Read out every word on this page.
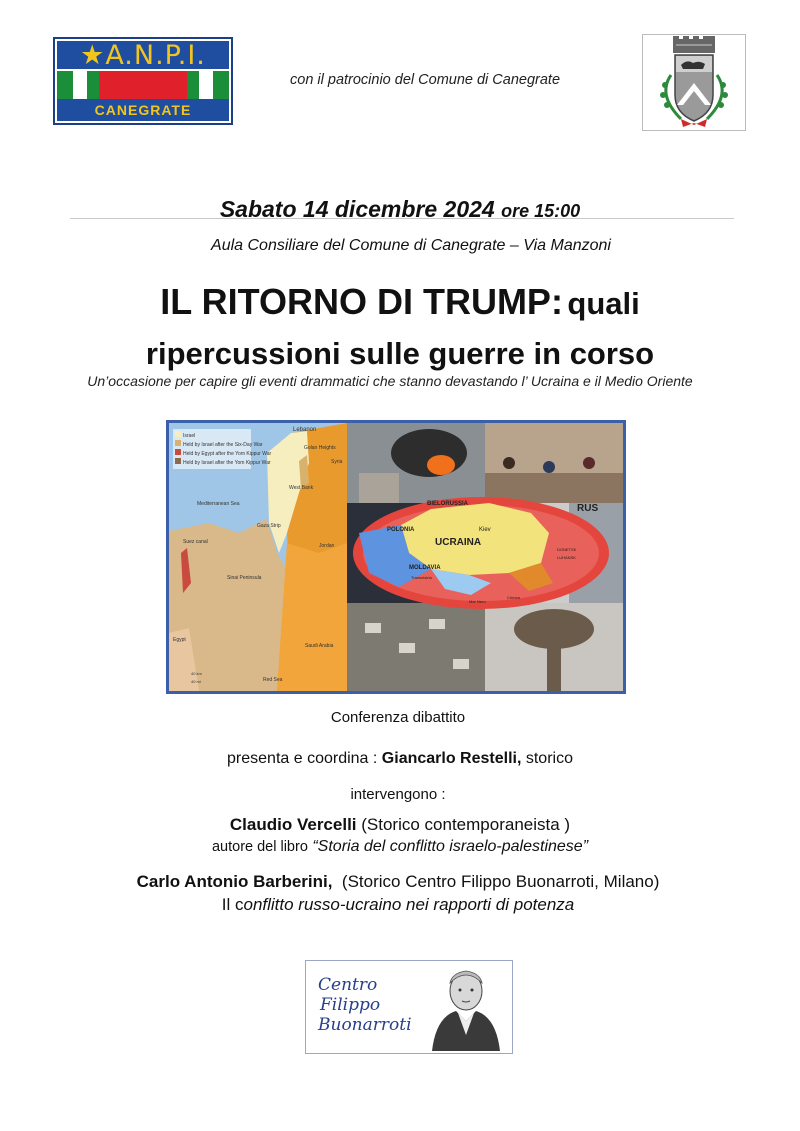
★A.N.P.I.
CANEGRATE
con il patrocinio del Comune di Canegrate
Sabato 14 dicembre 2024 ore 15:00
Aula Consiliare del Comune di Canegrate – Via Manzoni
IL RITORNO DI TRUMP: quali
ripercussioni sulle guerre in corso
Un’occasione per capire gli eventi drammatici che stanno devastando l’ Ucraina e il Medio Oriente
Israel
Held by Israel after the Six-Day War
Held by Egypt after the Yom Kippur War
Held by Israel after the Yom Kippur War
Lebanon
Golan Heights
Syria
West Bank
Gaza Strip
Mediterranean Sea
Suez canal
Sinai Peninsula
Jordan
Saudi Arabia
Egypt
Red Sea
40 km
40 mi
BIELORUSSIA	RUS
POLONIA	Kiev
UCRAINA
MOLDAVIA
Transnistria
Crimea
Mar Nero
DONETSK
LUHANSK
Conferenza dibattito
presenta e coordina : Giancarlo Restelli, storico
intervengono :
Claudio Vercelli (Storico contemporaneista )
autore del libro “Storia del conflitto israelo-palestinese”
Carlo Antonio Barberini, (Storico Centro Filippo Buonarroti, Milano)
Il conflitto russo-ucraino nei rapporti di potenza
Centro
Filippo
Buonarroti
